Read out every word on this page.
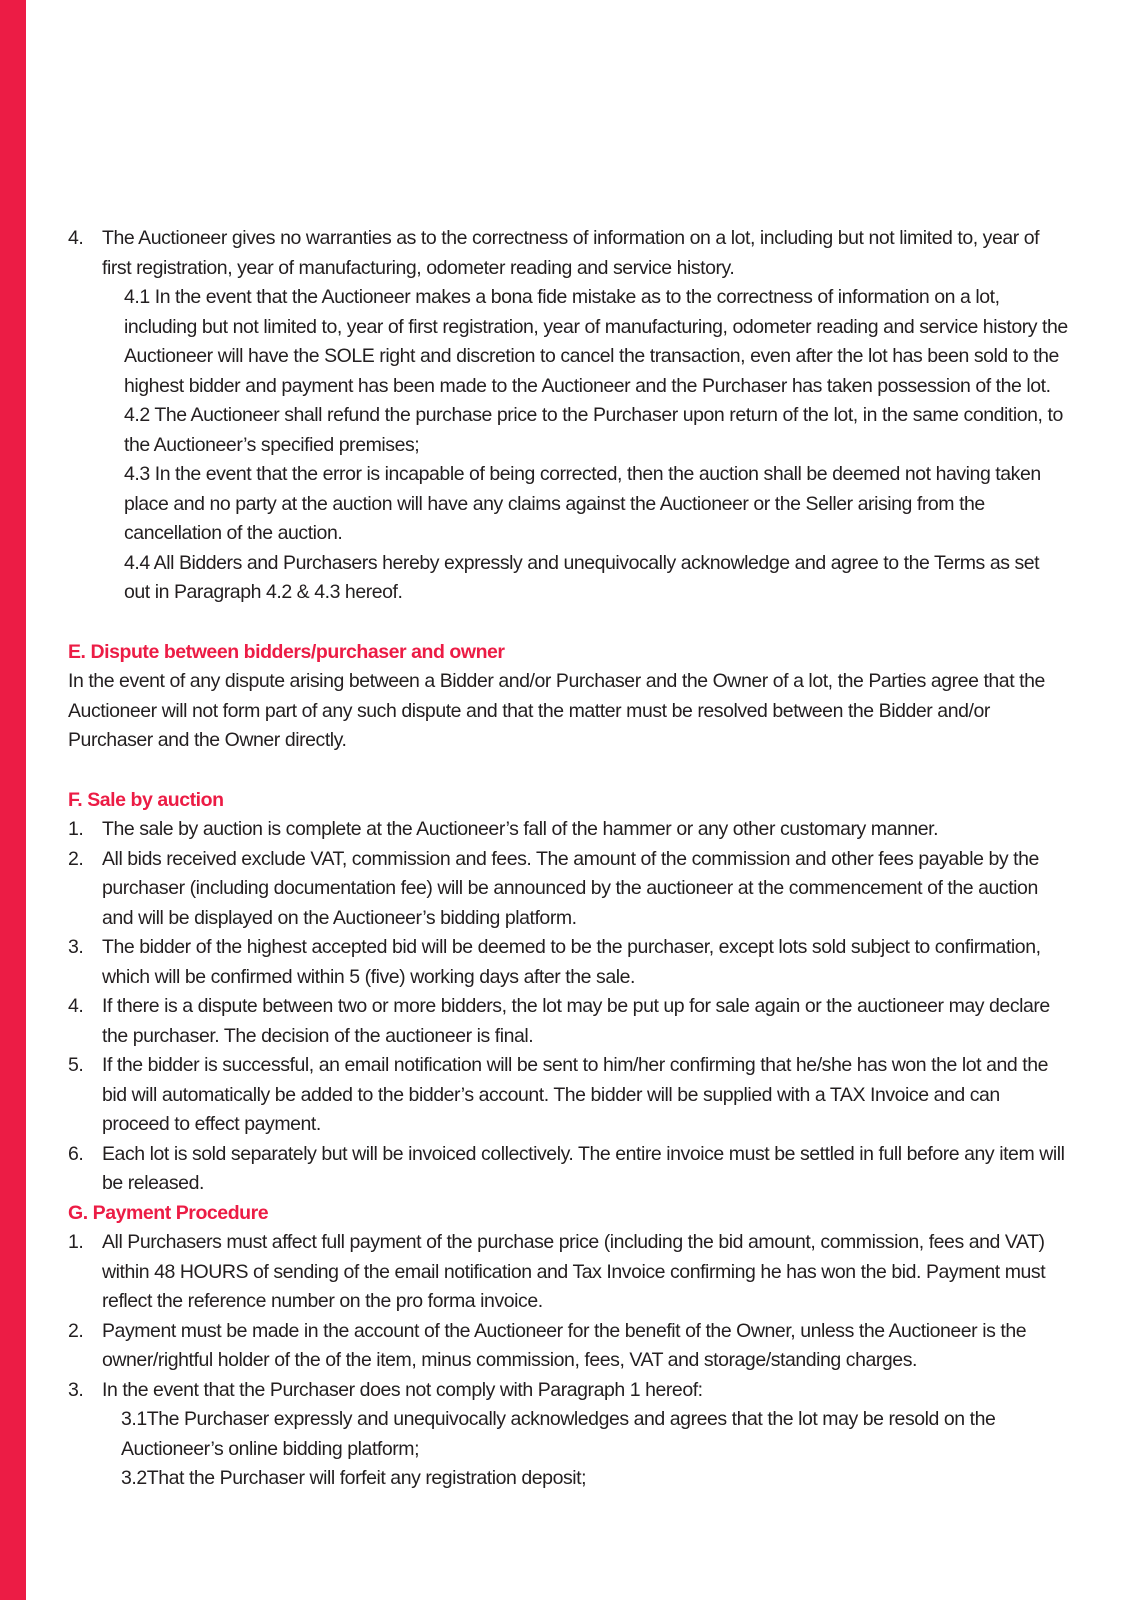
4. The Auctioneer gives no warranties as to the correctness of information on a lot, including but not limited to, year of first registration, year of manufacturing, odometer reading and service history.
4.1 In the event that the Auctioneer makes a bona fide mistake as to the correctness of information on a lot, including but not limited to, year of first registration, year of manufacturing, odometer reading and service history the Auctioneer will have the SOLE right and discretion to cancel the transaction, even after the lot has been sold to the highest bidder and payment has been made to the Auctioneer and the Purchaser has taken possession of the lot.
4.2 The Auctioneer shall refund the purchase price to the Purchaser upon return of the lot, in the same condition, to the Auctioneer’s specified premises;
4.3 In the event that the error is incapable of being corrected, then the auction shall be deemed not having taken place and no party at the auction will have any claims against the Auctioneer or the Seller arising from the cancellation of the auction.
4.4 All Bidders and Purchasers hereby expressly and unequivocally acknowledge and agree to the Terms as set out in Paragraph 4.2 & 4.3 hereof.
E. Dispute between bidders/purchaser and owner
In the event of any dispute arising between a Bidder and/or Purchaser and the Owner of a lot, the Parties agree that the Auctioneer will not form part of any such dispute and that the matter must be resolved between the Bidder and/or Purchaser and the Owner directly.
F. Sale by auction
1. The sale by auction is complete at the Auctioneer’s fall of the hammer or any other customary manner.
2. All bids received exclude VAT, commission and fees. The amount of the commission and other fees payable by the purchaser (including documentation fee) will be announced by the auctioneer at the commencement of the auction and will be displayed on the Auctioneer’s bidding platform.
3. The bidder of the highest accepted bid will be deemed to be the purchaser, except lots sold subject to confirmation, which will be confirmed within 5 (five) working days after the sale.
4. If there is a dispute between two or more bidders, the lot may be put up for sale again or the auctioneer may declare the purchaser. The decision of the auctioneer is final.
5. If the bidder is successful, an email notification will be sent to him/her confirming that he/she has won the lot and the bid will automatically be added to the bidder’s account. The bidder will be supplied with a TAX Invoice and can proceed to effect payment.
6. Each lot is sold separately but will be invoiced collectively. The entire invoice must be settled in full before any item will be released.
G. Payment Procedure
1. All Purchasers must affect full payment of the purchase price (including the bid amount, commission, fees and VAT) within 48 HOURS of sending of the email notification and Tax Invoice confirming he has won the bid. Payment must reflect the reference number on the pro forma invoice.
2. Payment must be made in the account of the Auctioneer for the benefit of the Owner, unless the Auctioneer is the owner/rightful holder of the of the item, minus commission, fees, VAT and storage/standing charges.
3. In the event that the Purchaser does not comply with Paragraph 1 hereof:
3.1The Purchaser expressly and unequivocally acknowledges and agrees that the lot may be resold on the Auctioneer’s online bidding platform;
3.2That the Purchaser will forfeit any registration deposit;
